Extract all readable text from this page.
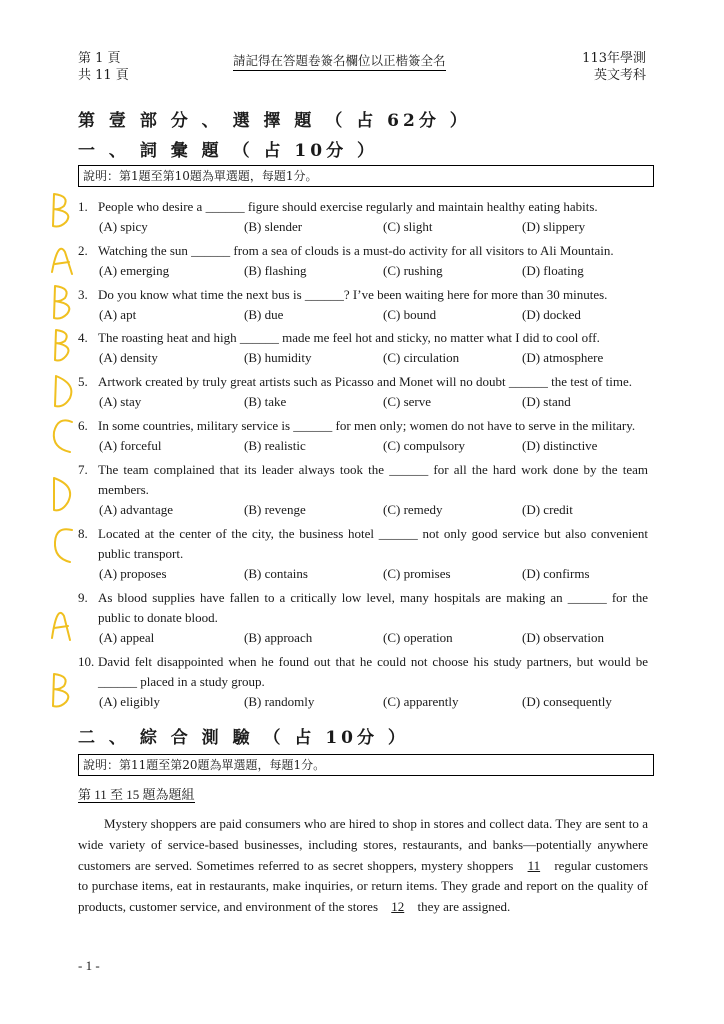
第 1 頁
共 11 頁
請記得在答題卷簽名欄位以正楷簽全名	113年學測
英文考科
第 壹 部 分 、 選 擇 題 （ 占 62分 ）
一 、 詞 彙 題 （ 占 10分 ）
說明：第1題至第10題為單選題，每題1分。
1. People who desire a ______ figure should exercise regularly and maintain healthy eating habits.
(A) spicy	(B) slender	(C) slight	(D) slippery
2. Watching the sun ______ from a sea of clouds is a must-do activity for all visitors to Ali Mountain.
(A) emerging	(B) flashing	(C) rushing	(D) floating
3. Do you know what time the next bus is ______? I’ve been waiting here for more than 30 minutes.
(A) apt	(B) due	(C) bound	(D) docked
4. The roasting heat and high ______ made me feel hot and sticky, no matter what I did to cool off.
(A) density	(B) humidity	(C) circulation	(D) atmosphere
5. Artwork created by truly great artists such as Picasso and Monet will no doubt ______ the test of time.
(A) stay	(B) take	(C) serve	(D) stand
6. In some countries, military service is ______ for men only; women do not have to serve in the military.
(A) forceful	(B) realistic	(C) compulsory	(D) distinctive
7. The team complained that its leader always took the ______ for all the hard work done by the team members.
(A) advantage	(B) revenge	(C) remedy	(D) credit
8. Located at the center of the city, the business hotel ______ not only good service but also convenient public transport.
(A) proposes	(B) contains	(C) promises	(D) confirms
9. As blood supplies have fallen to a critically low level, many hospitals are making an ______ for the public to donate blood.
(A) appeal	(B) approach	(C) operation	(D) observation
10. David felt disappointed when he found out that he could not choose his study partners, but would be ______ placed in a study group.
(A) eligibly	(B) randomly	(C) apparently	(D) consequently
二 、 綜 合 測 驗 （ 占 10分 ）
說明：第11題至第20題為單選題，每題1分。
第 11 至 15 題為題組
Mystery shoppers are paid consumers who are hired to shop in stores and collect data. They are sent to a wide variety of service-based businesses, including stores, restaurants, and banks—potentially anywhere customers are served. Sometimes referred to as secret shoppers, mystery shoppers 11 regular customers to purchase items, eat in restaurants, make inquiries, or return items. They grade and report on the quality of products, customer service, and environment of the stores 12 they are assigned.
- 1 -
